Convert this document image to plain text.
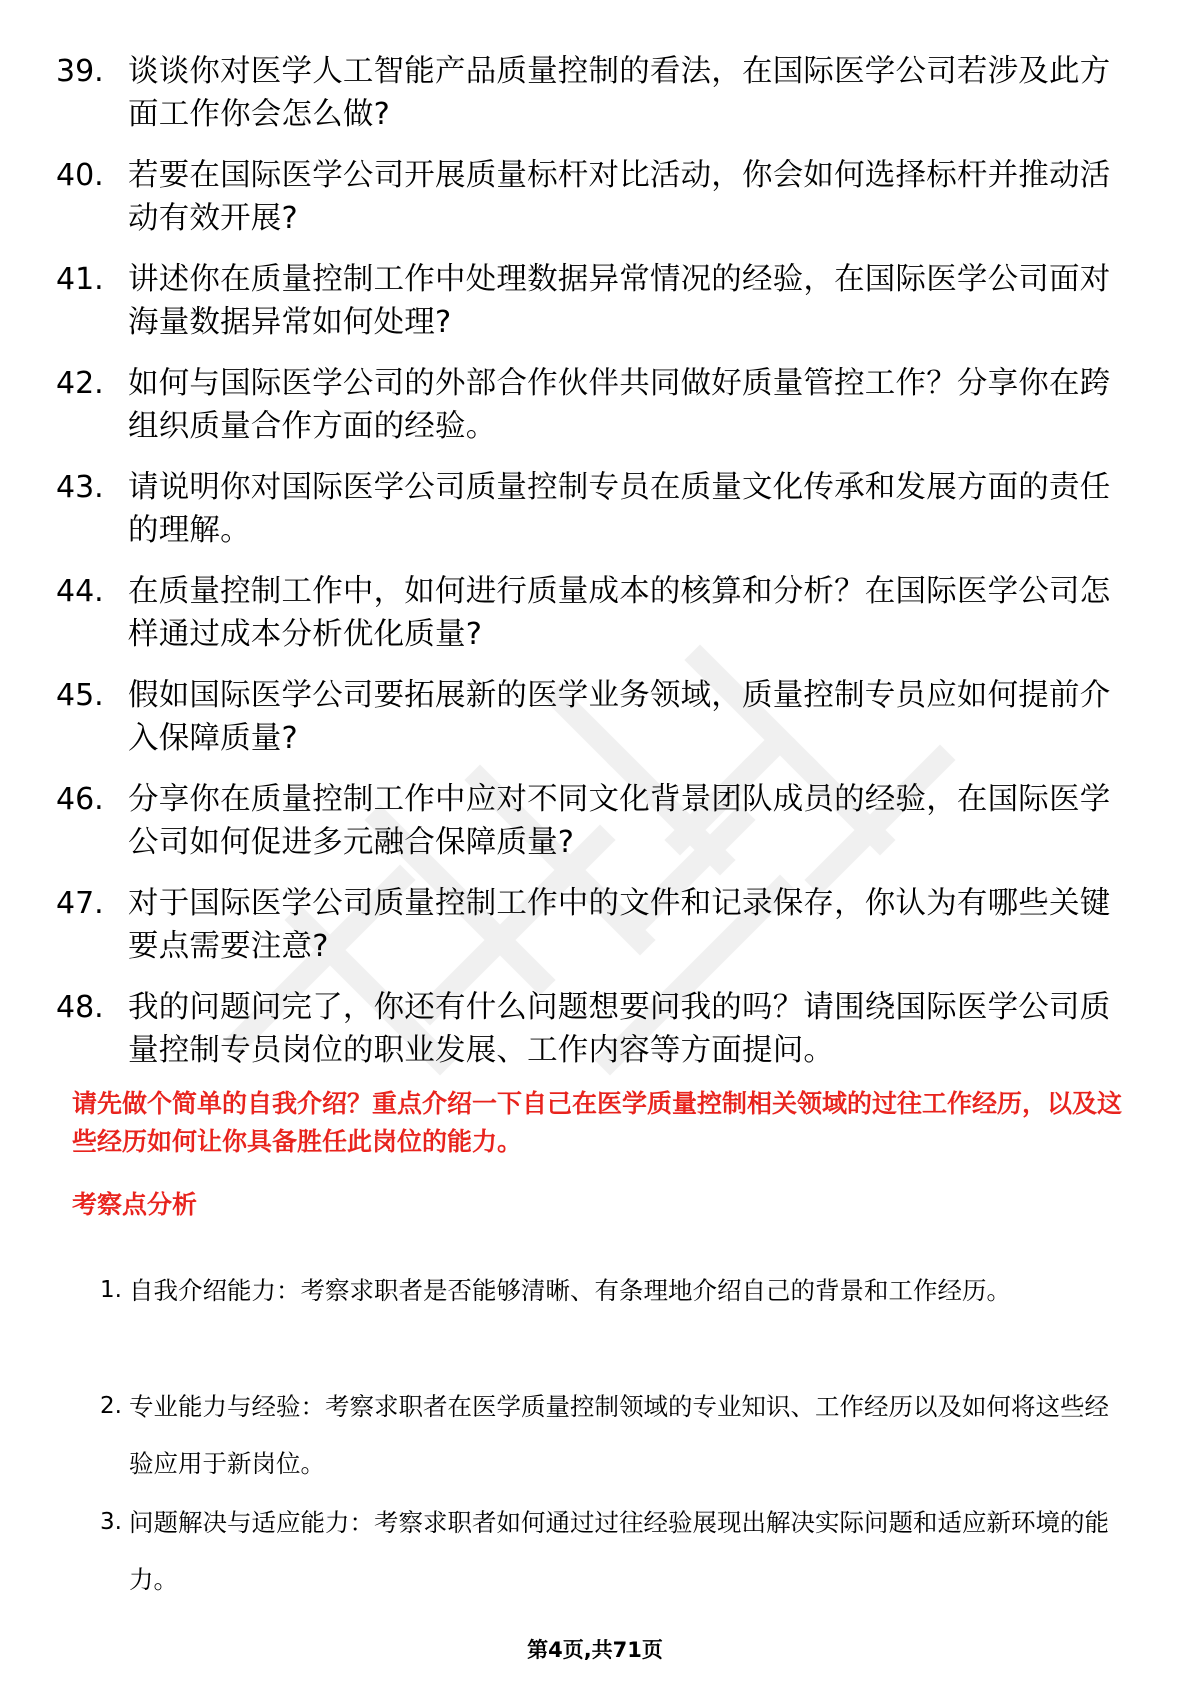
39. 谈谈你对医学人工智能产品质量控制的看法，在国际医学公司若涉及此方面工作你会怎么做?
40. 若要在国际医学公司开展质量标杆对比活动，你会如何选择标杆并推动活动有效开展?
41. 讲述你在质量控制工作中处理数据异常情况的经验，在国际医学公司面对海量数据异常如何处理?
42. 如何与国际医学公司的外部合作伙伴共同做好质量管控工作？分享你在跨组织质量合作方面的经验。
43. 请说明你对国际医学公司质量控制专员在质量文化传承和发展方面的责任的理解。
44. 在质量控制工作中，如何进行质量成本的核算和分析？在国际医学公司怎样通过成本分析优化质量?
45. 假如国际医学公司要拓展新的医学业务领域，质量控制专员应如何提前介入保障质量?
46. 分享你在质量控制工作中应对不同文化背景团队成员的经验，在国际医学公司如何促进多元融合保障质量?
47. 对于国际医学公司质量控制工作中的文件和记录保存，你认为有哪些关键要点需要注意?
48. 我的问题问完了，你还有什么问题想要问我的吗？请围绕国际医学公司质量控制专员岗位的职业发展、工作内容等方面提问。

请先做个简单的自我介绍？重点介绍一下自己在医学质量控制相关领域的过往工作经历，以及这些经历如何让你具备胜任此岗位的能力。

考察点分析

1. 自我介绍能力：考察求职者是否能够清晰、有条理地介绍自己的背景和工作经历。
2. 专业能力与经验：考察求职者在医学质量控制领域的专业知识、工作经历以及如何将这些经验应用于新岗位。
3. 问题解决与适应能力：考察求职者如何通过过往经验展现出解决实际问题和适应新环境的能力。
第4页,共71页
